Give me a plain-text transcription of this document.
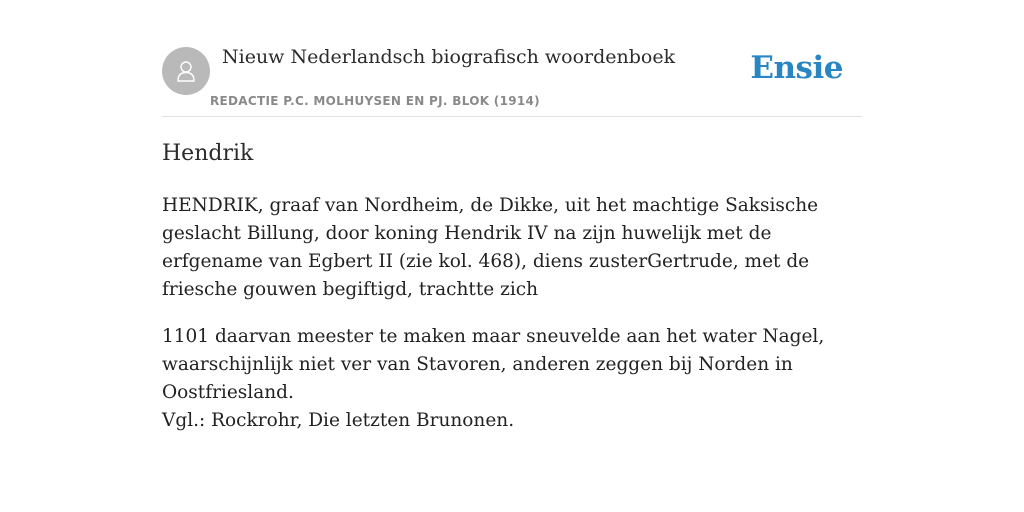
Nieuw Nederlandsch biografisch woordenboek
REDACTIE P.C. MOLHUYSEN EN PJ. BLOK (1914)
Ensie
Hendrik

HENDRIK, graaf van Nordheim, de Dikke, uit het machtige Saksische geslacht Billung, door koning Hendrik IV na zijn huwelijk met de erfgename van Egbert II (zie kol. 468), diens zusterGertrude, met de friesche gouwen begiftigd, trachtte zich

1101 daarvan meester te maken maar sneuvelde aan het water Nagel, waarschijnlijk niet ver van Stavoren, anderen zeggen bij Norden in Oostfriesland.

Vgl.: Rockrohr, Die letzten Brunonen.
